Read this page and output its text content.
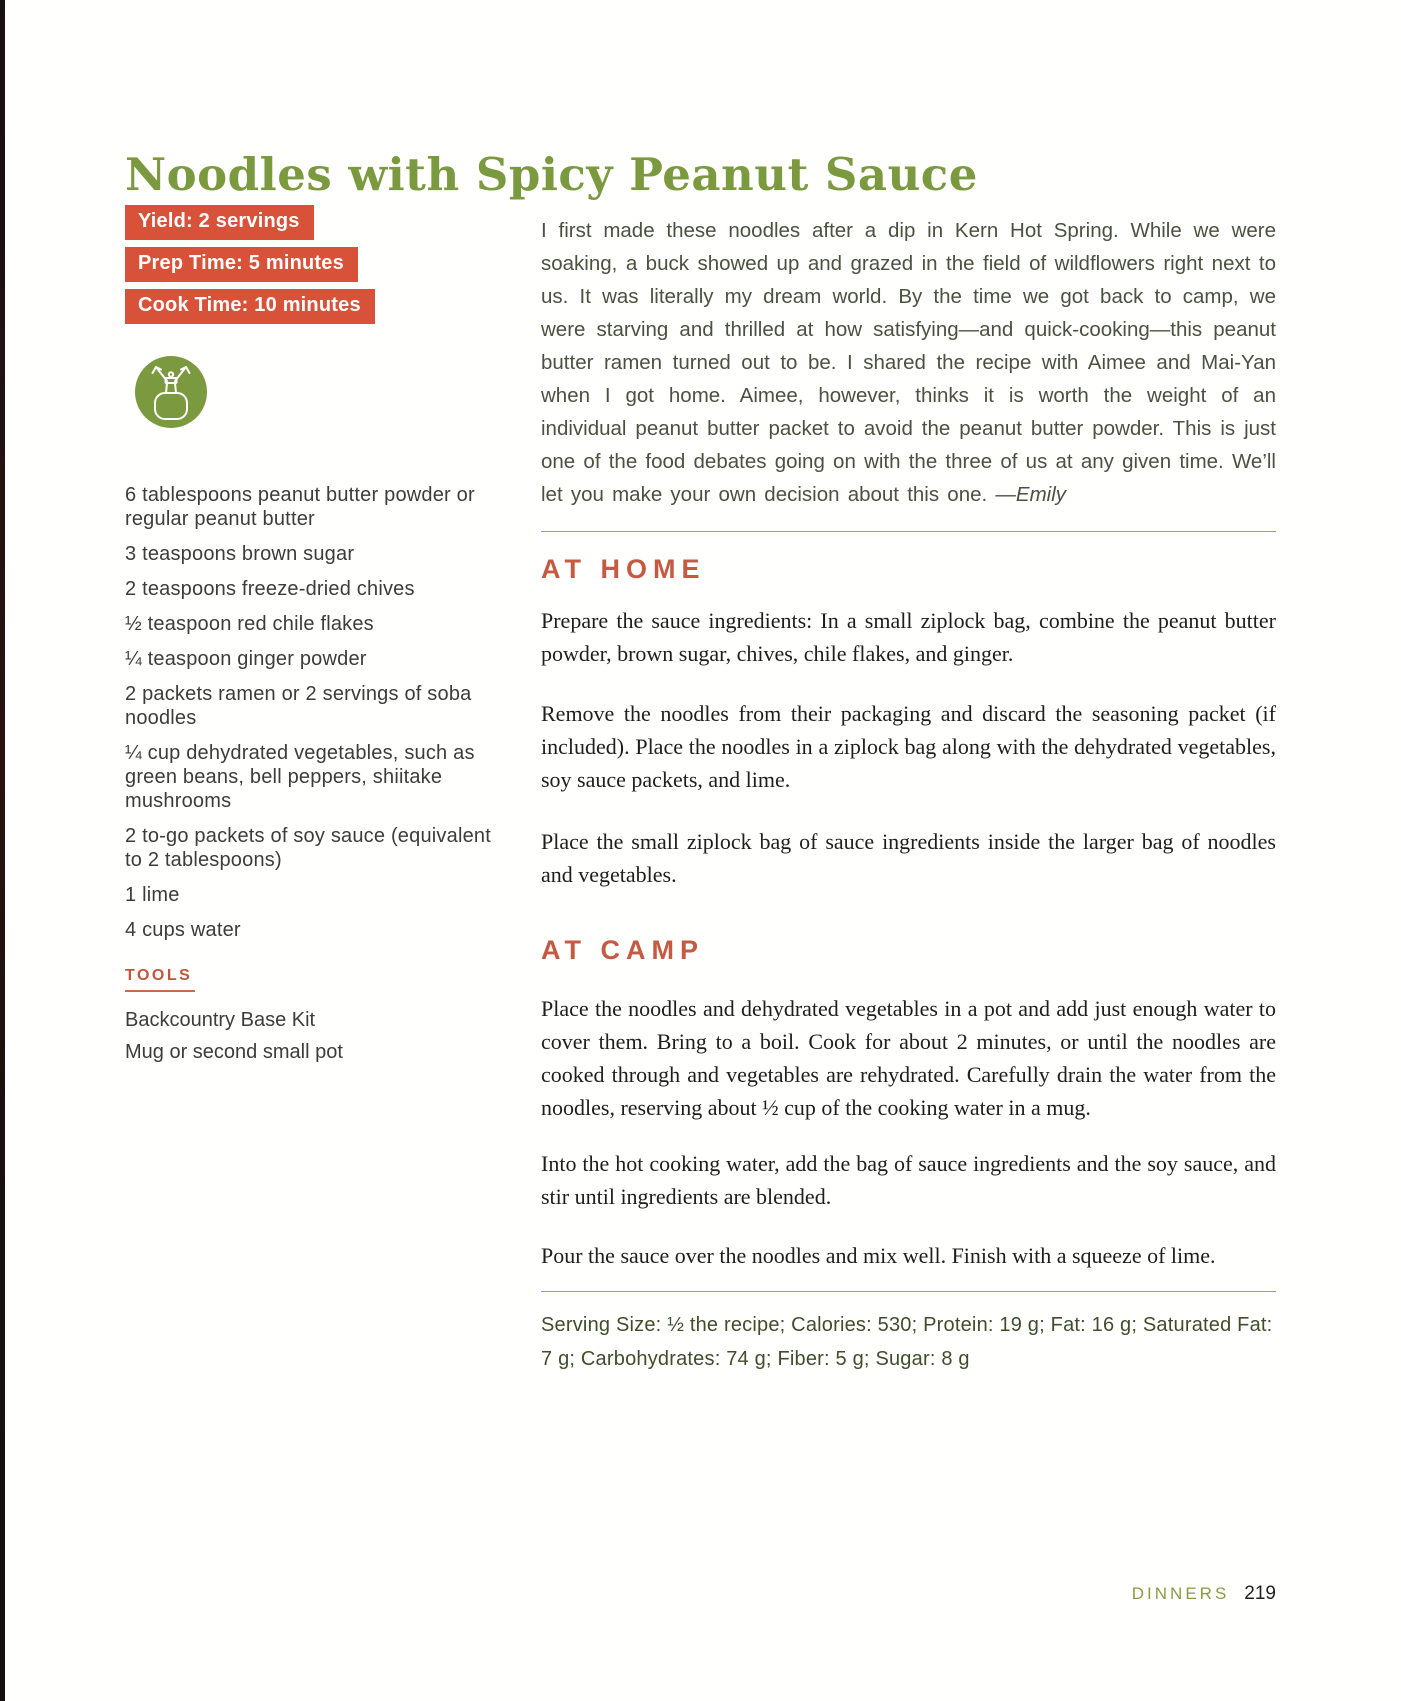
Noodles with Spicy Peanut Sauce
Yield: 2 servings
Prep Time: 5 minutes
Cook Time: 10 minutes
6 tablespoons peanut butter powder or regular peanut butter
3 teaspoons brown sugar
2 teaspoons freeze-dried chives
½ teaspoon red chile flakes
¼ teaspoon ginger powder
2 packets ramen or 2 servings of soba noodles
¼ cup dehydrated vegetables, such as green beans, bell peppers, shiitake mushrooms
2 to-go packets of soy sauce (equivalent to 2 tablespoons)
1 lime
4 cups water
TOOLS
Backcountry Base Kit
Mug or second small pot

I first made these noodles after a dip in Kern Hot Spring. While we were soaking, a buck showed up and grazed in the field of wildflowers right next to us. It was literally my dream world. By the time we got back to camp, we were starving and thrilled at how satisfying—and quick-cooking—this peanut butter ramen turned out to be. I shared the recipe with Aimee and Mai-Yan when I got home. Aimee, however, thinks it is worth the weight of an individual peanut butter packet to avoid the peanut butter powder. This is just one of the food debates going on with the three of us at any given time. We’ll let you make your own decision about this one. —Emily

AT HOME

Prepare the sauce ingredients: In a small ziplock bag, combine the peanut butter powder, brown sugar, chives, chile flakes, and ginger.

Remove the noodles from their packaging and discard the seasoning packet (if included). Place the noodles in a ziplock bag along with the dehydrated vegetables, soy sauce packets, and lime.

Place the small ziplock bag of sauce ingredients inside the larger bag of noodles and vegetables.

AT CAMP

Place the noodles and dehydrated vegetables in a pot and add just enough water to cover them. Bring to a boil. Cook for about 2 minutes, or until the noodles are cooked through and vegetables are rehydrated. Carefully drain the water from the noodles, reserving about ½ cup of the cooking water in a mug.

Into the hot cooking water, add the bag of sauce ingredients and the soy sauce, and stir until ingredients are blended.

Pour the sauce over the noodles and mix well. Finish with a squeeze of lime.

Serving Size: ½ the recipe; Calories: 530; Protein: 19 g; Fat: 16 g; Saturated Fat: 7 g; Carbohydrates: 74 g; Fiber: 5 g; Sugar: 8 g

DINNERS 219
